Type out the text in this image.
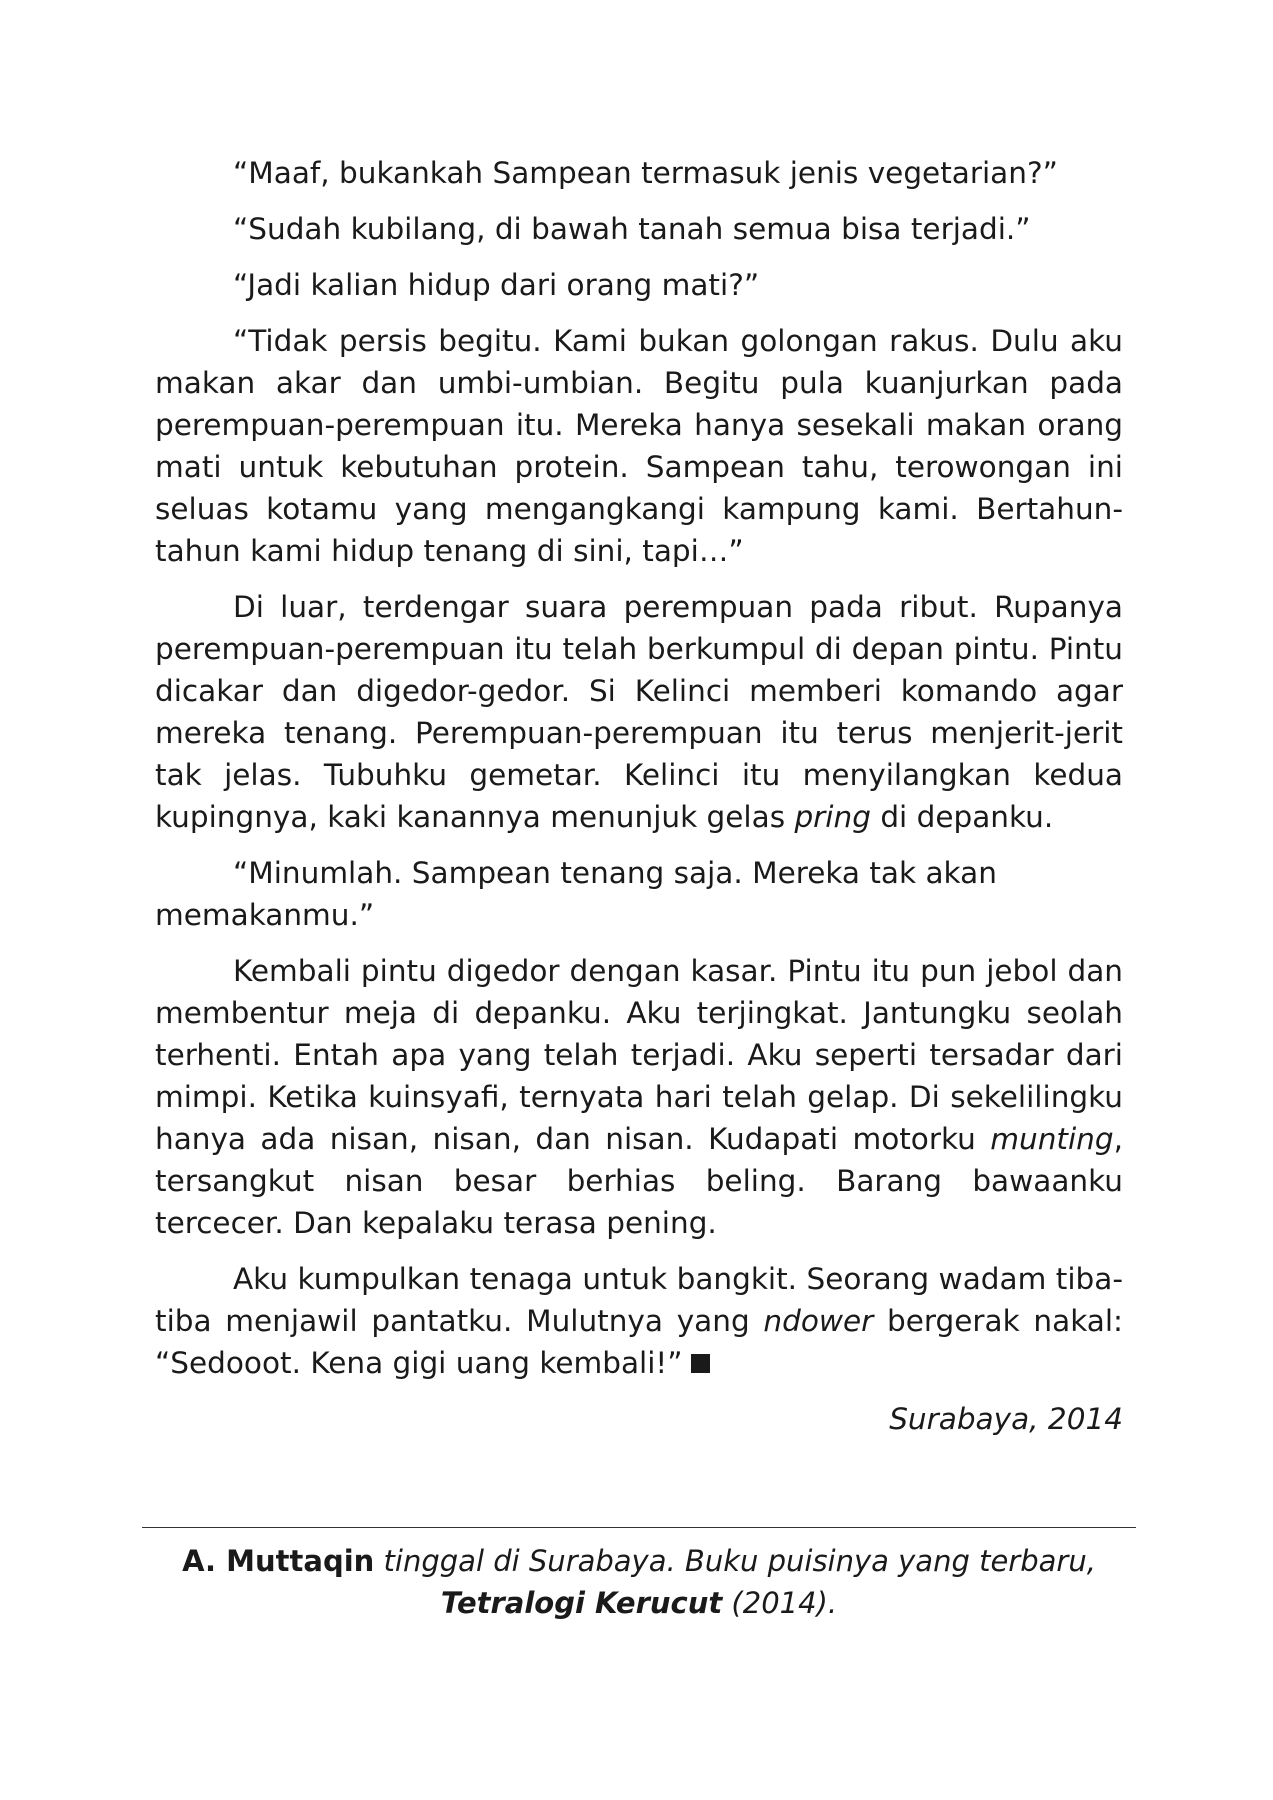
“Maaf, bukankah Sampean termasuk jenis vegetarian?”

“Sudah kubilang, di bawah tanah semua bisa terjadi.”

“Jadi kalian hidup dari orang mati?”

“Tidak persis begitu. Kami bukan golongan rakus. Dulu aku makan akar dan umbi-umbian. Begitu pula kuanjurkan pada perempuan-perempuan itu. Mereka hanya sesekali makan orang mati untuk kebutuhan protein. Sampean tahu, terowongan ini seluas kotamu yang mengangkangi kampung kami. Bertahun-tahun kami hidup tenang di sini, tapi…”

Di luar, terdengar suara perempuan pada ribut. Rupanya perempuan-perempuan itu telah berkumpul di depan pintu. Pintu dicakar dan digedor-gedor. Si Kelinci memberi komando agar mereka tenang. Perempuan-perempuan itu terus menjerit-jerit tak jelas. Tubuhku gemetar. Kelinci itu menyilangkan kedua kupingnya, kaki kanannya menunjuk gelas pring di depanku.

“Minumlah. Sampean tenang saja. Mereka tak akan memakanmu.”

Kembali pintu digedor dengan kasar. Pintu itu pun jebol dan membentur meja di depanku. Aku terjingkat. Jantungku seolah terhenti. Entah apa yang telah terjadi. Aku seperti tersadar dari mimpi. Ketika kuinsyafi, ternyata hari telah gelap. Di sekelilingku hanya ada nisan, nisan, dan nisan. Kudapati motorku munting, tersangkut nisan besar berhias beling. Barang bawaanku tercecer. Dan kepalaku terasa pening.

Aku kumpulkan tenaga untuk bangkit. Seorang wadam tiba-tiba menjawil pantatku. Mulutnya yang ndower bergerak nakal: “Sedooot. Kena gigi uang kembali!”

Surabaya, 2014

A. Muttaqin tinggal di Surabaya. Buku puisinya yang terbaru,
Tetralogi Kerucut (2014).
